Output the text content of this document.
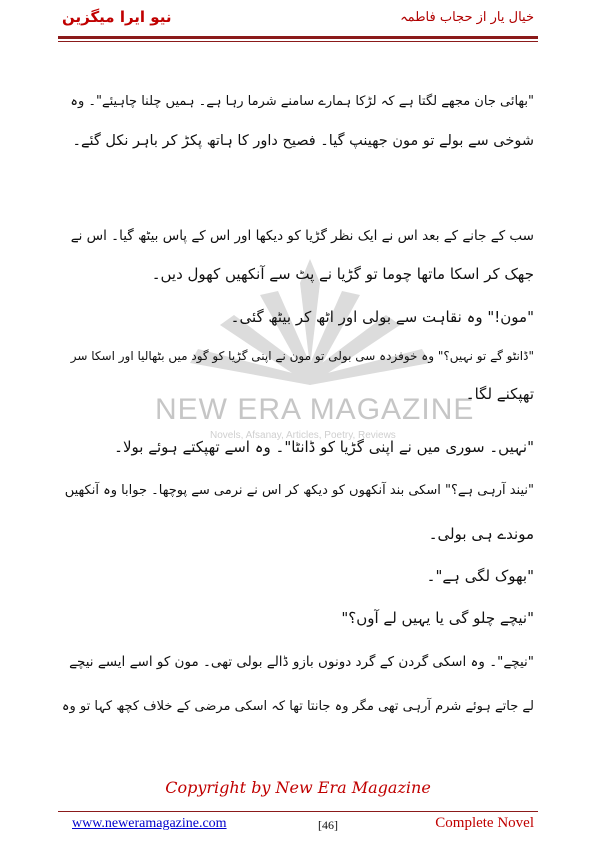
نیو ایرا میگزین	خیال یار از حجاب فاطمہ
NEW ERA MAGAZINE
Novels, Afsanay, Articles, Poetry, Reviews
"بھائی جان مجھے لگتا ہے کہ لڑکا ہمارے سامنے شرما رہا ہے۔ ہمیں چلنا چاہیئے"۔ وہ
شوخی سے بولے تو مون جھینپ گیا۔ فصیح داور کا ہاتھ پکڑ کر باہر نکل گئے۔
سب کے جانے کے بعد اس نے ایک نظر گڑیا کو دیکھا اور اس کے پاس بیٹھ گیا۔ اس نے
جھک کر اسکا ماتھا چوما تو گڑیا نے پٹ سے آنکھیں کھول دیں۔
"مون!" وہ نقاہت سے بولی اور اٹھ کر بیٹھ گئی۔
"ڈانٹو گے تو نہیں؟" وہ خوفزدہ سی بولی تو مون نے اپنی گڑیا کو گود میں بٹھالیا اور اسکا سر
تھپکنے لگا۔
"نہیں۔ سوری میں نے اپنی گڑیا کو ڈانٹا"۔ وہ اسے تھپکتے ہوئے بولا۔
"نیند آرہی ہے؟" اسکی بند آنکھوں کو دیکھ کر اس نے نرمی سے پوچھا۔ جوابا وہ آنکھیں
موندے ہی بولی۔
"بھوک لگی ہے"۔
"نیچے چلو گی یا یہیں لے آوں؟"
"نیچے"۔ وہ اسکی گردن کے گرد دونوں بازو ڈالے بولی تھی۔ مون کو اسے ایسے نیچے
لے جاتے ہوئے شرم آرہی تھی مگر وہ جانتا تھا کہ اسکی مرضی کے خلاف کچھ کہا تو وہ
Copyright by New Era Magazine
www.neweramagazine.com	[46]	Complete Novel
